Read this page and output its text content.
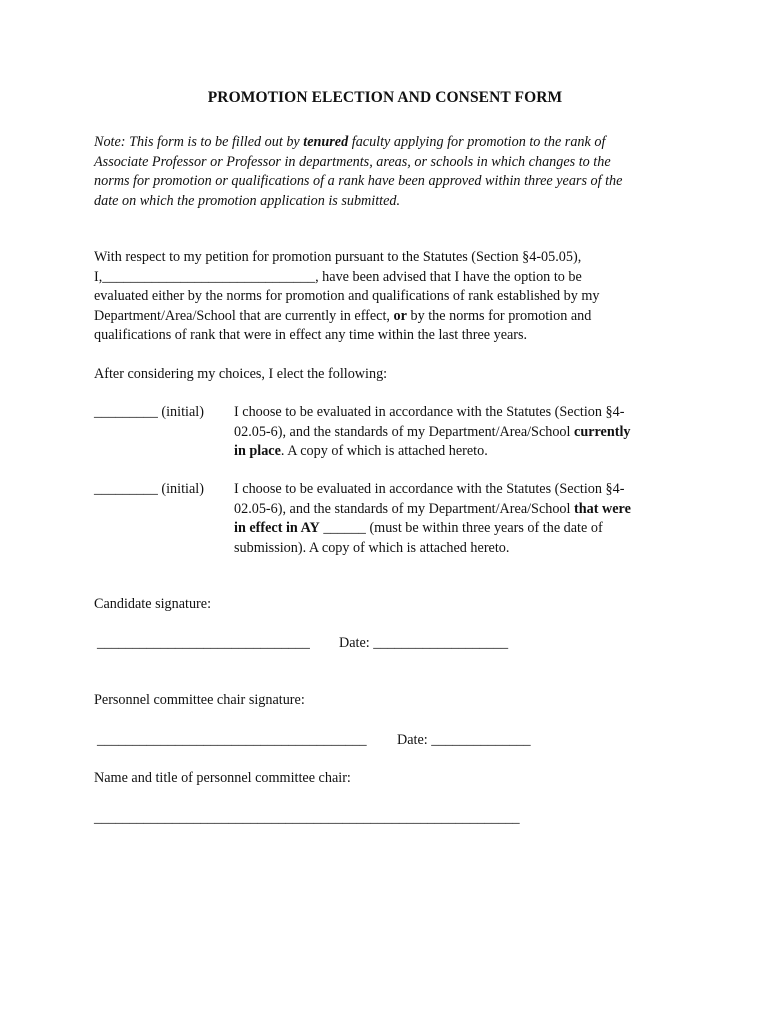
PROMOTION ELECTION AND CONSENT FORM
Note: This form is to be filled out by tenured faculty applying for promotion to the rank of
Associate Professor or Professor in departments, areas, or schools in which changes to the
norms for promotion or qualifications of a rank have been approved within three years of the
date on which the promotion application is submitted.
With respect to my petition for promotion pursuant to the Statutes (Section §4-05.05),
I,______________________________, have been advised that I have the option to be
evaluated either by the norms for promotion and qualifications of rank established by my
Department/Area/School that are currently in effect, or by the norms for promotion and
qualifications of rank that were in effect any time within the last three years.
After considering my choices, I elect the following:
_________ (initial) I choose to be evaluated in accordance with the Statutes (Section §4-
02.05-6), and the standards of my Department/Area/School currently
in place. A copy of which is attached hereto.
_________ (initial) I choose to be evaluated in accordance with the Statutes (Section §4-
02.05-6), and the standards of my Department/Area/School that were
in effect in AY ______ (must be within three years of the date of
submission). A copy of which is attached hereto.
Candidate signature:
______________________________ Date: ___________________
Personnel committee chair signature:
______________________________________ Date: ______________
Name and title of personnel committee chair:
____________________________________________________________
